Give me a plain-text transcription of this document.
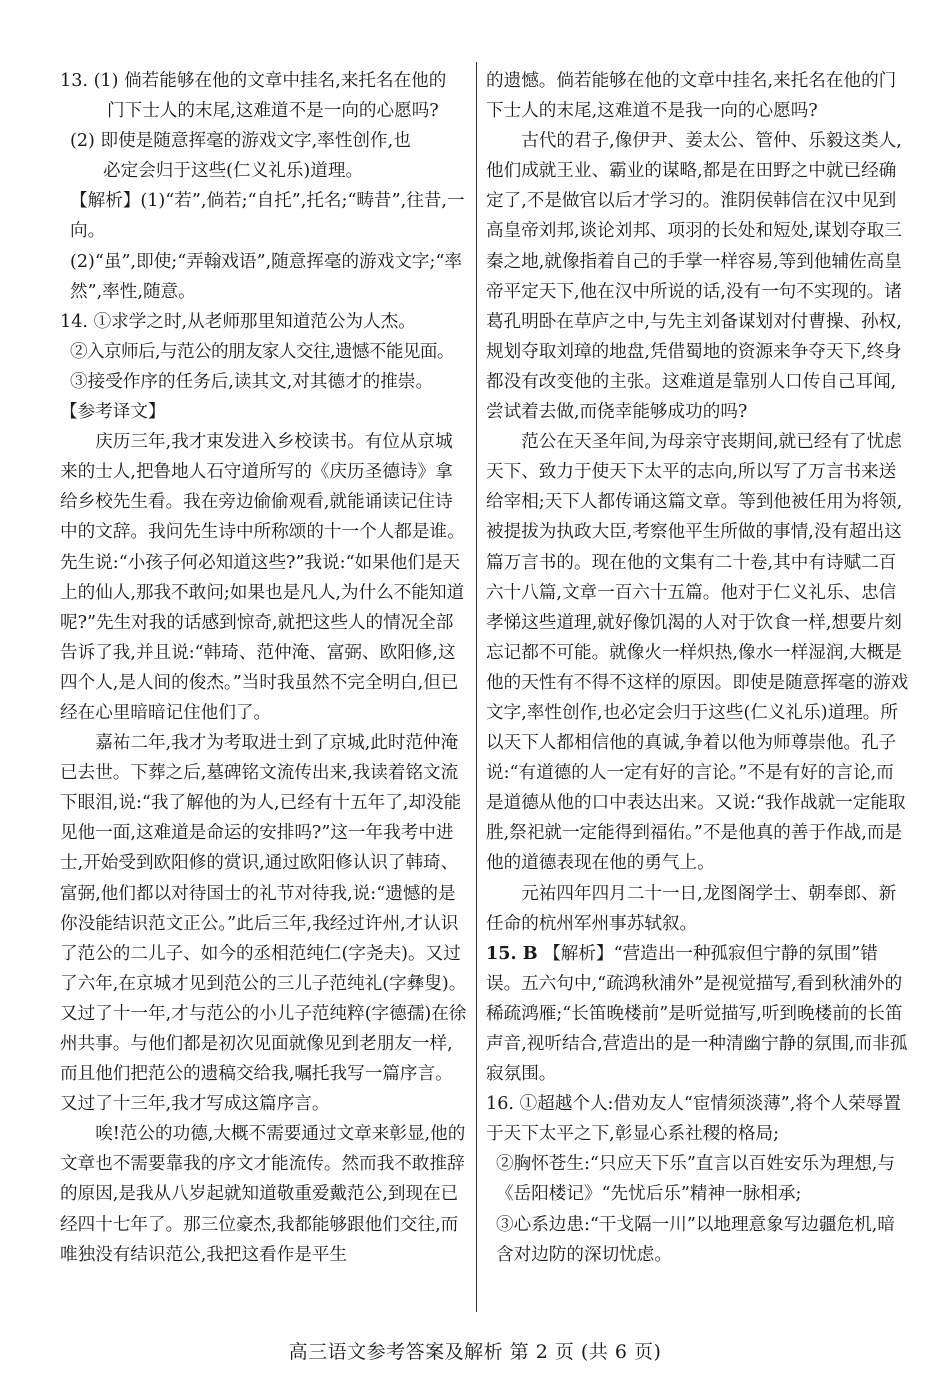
13. (1) 倘若能够在他的文章中挂名,来托名在他的
门下士人的末尾,这难道不是一向的心愿吗?
(2) 即使是随意挥毫的游戏文字,率性创作,也
必定会归于这些(仁义礼乐)道理。
【解析】(1)“若”,倘若;“自托”,托名;“畴昔”,往昔,一向。
(2)“虽”,即使;“弄翰戏语”,随意挥毫的游戏文字;“率然”,率性,随意。
14. ①求学之时,从老师那里知道范公为人杰。
②入京师后,与范公的朋友家人交往,遗憾不能见面。
③接受作序的任务后,读其文,对其德才的推崇。
【参考译文】
庆历三年,我才束发进入乡校读书。有位从京城来的士人,把鲁地人石守道所写的《庆历圣德诗》拿给乡校先生看。我在旁边偷偷观看,就能诵读记住诗中的文辞。我问先生诗中所称颂的十一个人都是谁。先生说:“小孩子何必知道这些?”我说:“如果他们是天上的仙人,那我不敢问;如果也是凡人,为什么不能知道呢?”先生对我的话感到惊奇,就把这些人的情况全部告诉了我,并且说:“韩琦、范仲淹、富弼、欧阳修,这四个人,是人间的俊杰。”当时我虽然不完全明白,但已经在心里暗暗记住他们了。
嘉祐二年,我才为考取进士到了京城,此时范仲淹已去世。下葬之后,墓碑铭文流传出来,我读着铭文流下眼泪,说:“我了解他的为人,已经有十五年了,却没能见他一面,这难道是命运的安排吗?”这一年我考中进士,开始受到欧阳修的赏识,通过欧阳修认识了韩琦、富弼,他们都以对待国士的礼节对待我,说:“遗憾的是你没能结识范文正公。”此后三年,我经过许州,才认识了范公的二儿子、如今的丞相范纯仁(字尧夫)。又过了六年,在京城才见到范公的三儿子范纯礼(字彝叟)。又过了十一年,才与范公的小儿子范纯粹(字德孺)在徐州共事。与他们都是初次见面就像见到老朋友一样,而且他们把范公的遗稿交给我,嘱托我写一篇序言。又过了十三年,我才写成这篇序言。
唉!范公的功德,大概不需要通过文章来彰显,他的文章也不需要靠我的序文才能流传。然而我不敢推辞的原因,是我从八岁起就知道敬重爱戴范公,到现在已经四十七年了。那三位豪杰,我都能够跟他们交往,而唯独没有结识范公,我把这看作是平生
的遗憾。倘若能够在他的文章中挂名,来托名在他的门下士人的末尾,这难道不是我一向的心愿吗?
古代的君子,像伊尹、姜太公、管仲、乐毅这类人,他们成就王业、霸业的谋略,都是在田野之中就已经确定了,不是做官以后才学习的。淮阴侯韩信在汉中见到高皇帝刘邦,谈论刘邦、项羽的长处和短处,谋划夺取三秦之地,就像指着自己的手掌一样容易,等到他辅佐高皇帝平定天下,他在汉中所说的话,没有一句不实现的。诸葛孔明卧在草庐之中,与先主刘备谋划对付曹操、孙权,规划夺取刘璋的地盘,凭借蜀地的资源来争夺天下,终身都没有改变他的主张。这难道是靠别人口传自己耳闻,尝试着去做,而侥幸能够成功的吗?
范公在天圣年间,为母亲守丧期间,就已经有了忧虑天下、致力于使天下太平的志向,所以写了万言书来送给宰相;天下人都传诵这篇文章。等到他被任用为将领,被提拔为执政大臣,考察他平生所做的事情,没有超出这篇万言书的。现在他的文集有二十卷,其中有诗赋二百六十八篇,文章一百六十五篇。他对于仁义礼乐、忠信孝悌这些道理,就好像饥渴的人对于饮食一样,想要片刻忘记都不可能。就像火一样炽热,像水一样湿润,大概是他的天性有不得不这样的原因。即使是随意挥毫的游戏文字,率性创作,也必定会归于这些(仁义礼乐)道理。所以天下人都相信他的真诚,争着以他为师尊崇他。孔子说:“有道德的人一定有好的言论。”不是有好的言论,而是道德从他的口中表达出来。又说:“我作战就一定能取胜,祭祀就一定能得到福佑。”不是他真的善于作战,而是他的道德表现在他的勇气上。
元祐四年四月二十一日,龙图阁学士、朝奉郎、新任命的杭州军州事苏轼叙。
15. B 【解析】“营造出一种孤寂但宁静的氛围”错误。五六句中,“疏鸿秋浦外”是视觉描写,看到秋浦外的稀疏鸿雁;“长笛晚楼前”是听觉描写,听到晚楼前的长笛声音,视听结合,营造出的是一种清幽宁静的氛围,而非孤寂氛围。
16. ①超越个人:借劝友人“宦情须淡薄”,将个人荣辱置于天下太平之下,彰显心系社稷的格局;
②胸怀苍生:“只应天下乐”直言以百姓安乐为理想,与《岳阳楼记》“先忧后乐”精神一脉相承;
③心系边患:“干戈隔一川”以地理意象写边疆危机,暗含对边防的深切忧虑。
高三语文参考答案及解析 第 2 页 (共 6 页)
